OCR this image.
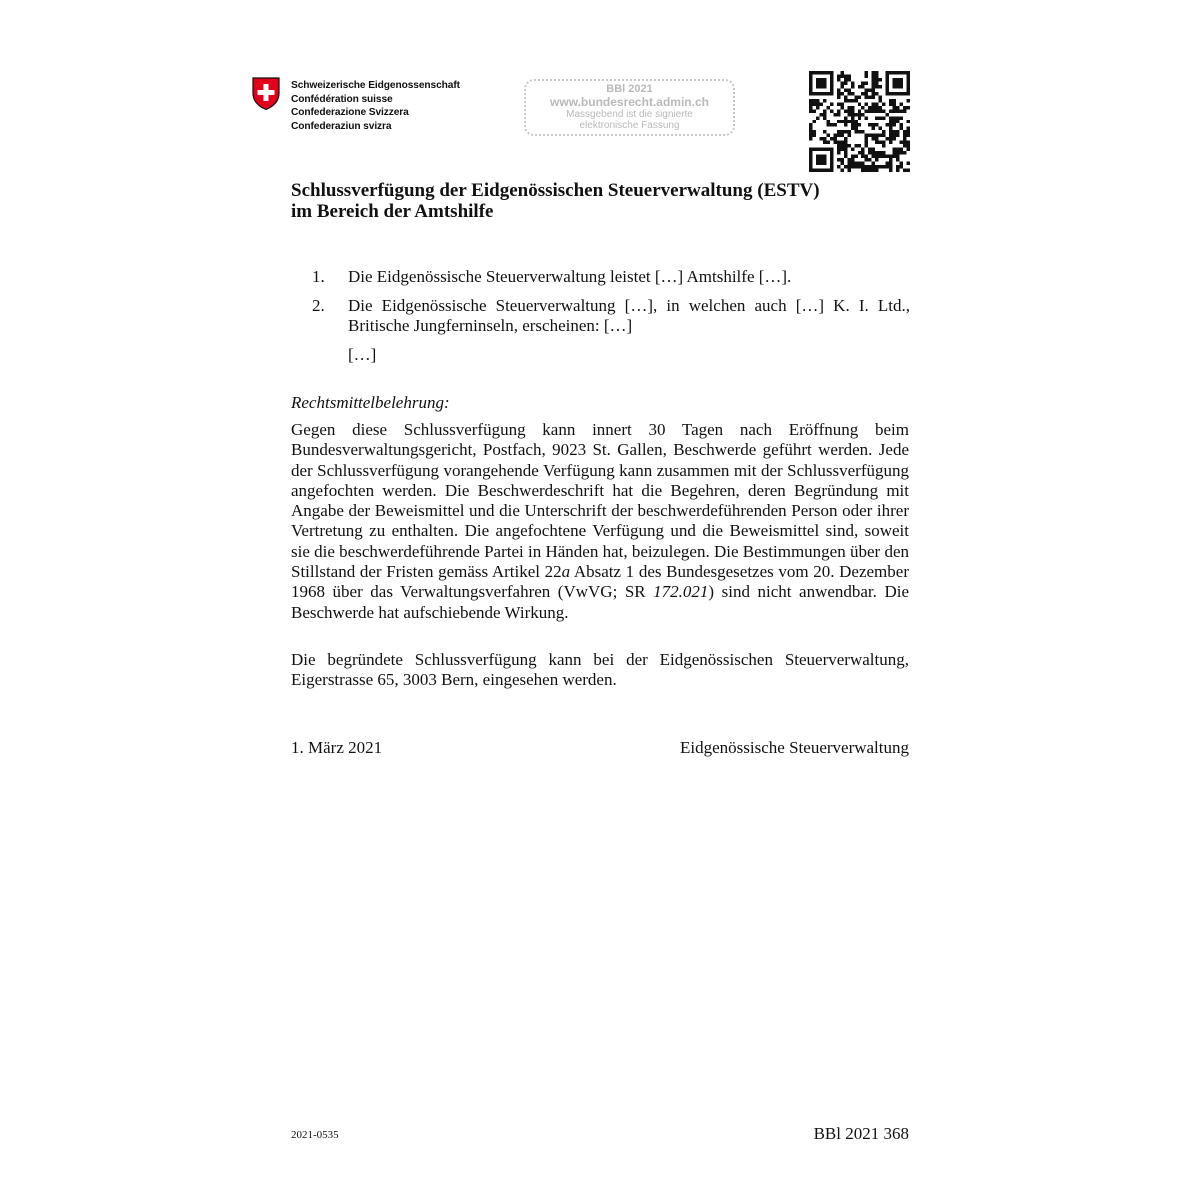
Schweizerische Eidgenossenschaft
Confédération suisse
Confederazione Svizzera
Confederaziun svizra
BBl 2021
www.bundesrecht.admin.ch
Massgebend ist die signierte
elektronische Fassung
Schlussverfügung der Eidgenössischen Steuerverwaltung (ESTV)
im Bereich der Amtshilfe
1. Die Eidgenössische Steuerverwaltung leistet […] Amtshilfe […].
2. Die Eidgenössische Steuerverwaltung […], in welchen auch […] K. I. Ltd.,
Britische Jungferninseln, erscheinen: […]
[…]
Rechtsmittelbelehrung:
Gegen diese Schlussverfügung kann innert 30 Tagen nach Eröffnung beim Bundesverwaltungsgericht, Postfach, 9023 St. Gallen, Beschwerde geführt werden. Jede der Schlussverfügung vorangehende Verfügung kann zusammen mit der Schlussverfügung angefochten werden. Die Beschwerdeschrift hat die Begehren, deren Begründung mit Angabe der Beweismittel und die Unterschrift der beschwerdeführenden Person oder ihrer Vertretung zu enthalten. Die angefochtene Verfügung und die Beweismittel sind, soweit sie die beschwerdeführende Partei in Händen hat, beizulegen. Die Bestimmungen über den Stillstand der Fristen gemäss Artikel 22a Absatz 1 des Bundesgesetzes vom 20. Dezember 1968 über das Verwaltungsverfahren (VwVG; SR 172.021) sind nicht anwendbar. Die Beschwerde hat aufschiebende Wirkung.
Die begründete Schlussverfügung kann bei der Eidgenössischen Steuerverwaltung, Eigerstrasse 65, 3003 Bern, eingesehen werden.
1. März 2021	Eidgenössische Steuerverwaltung
2021-0535	BBl 2021 368
